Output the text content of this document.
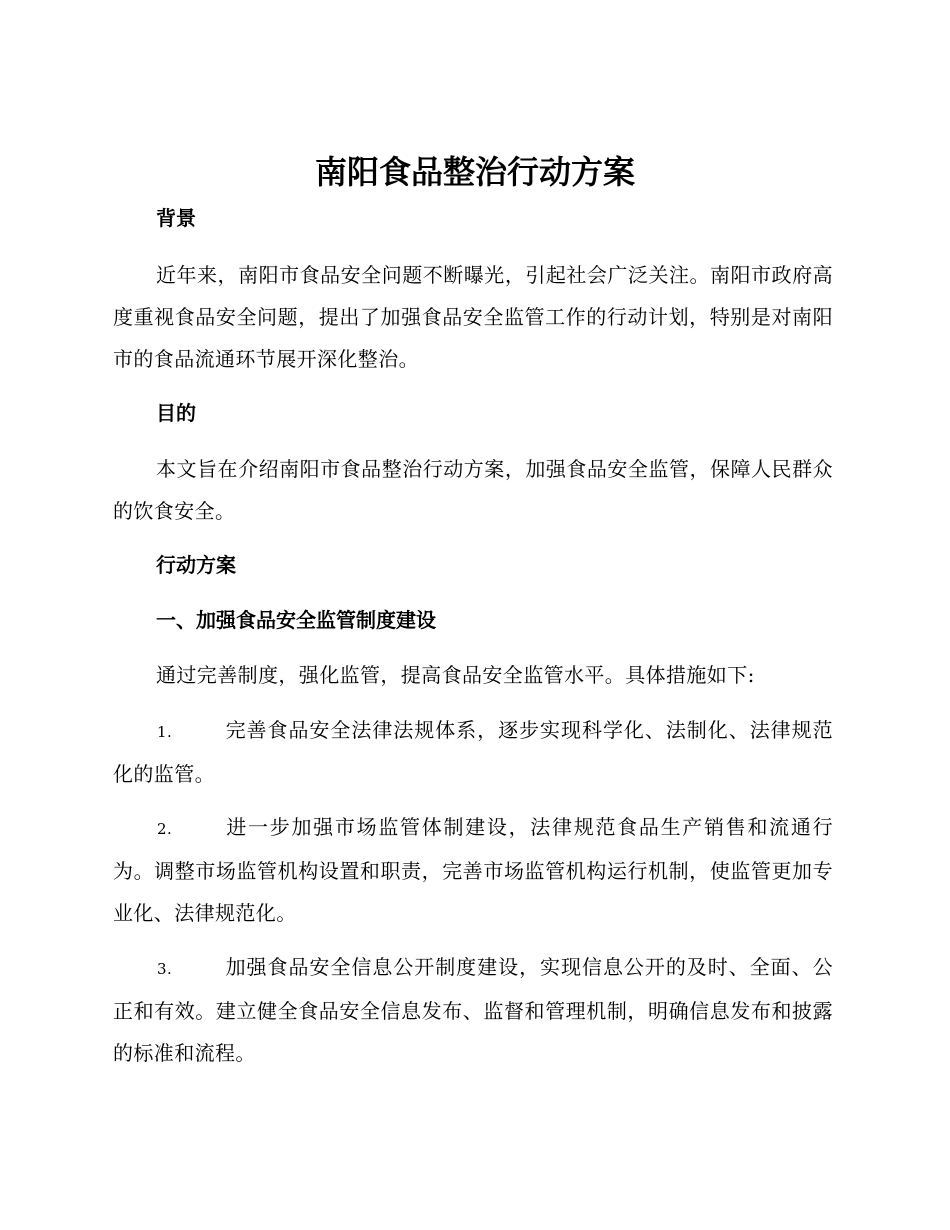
南阳食品整治行动方案

背景

近年来，南阳市食品安全问题不断曝光，引起社会广泛关注。南阳市政府高度重视食品安全问题，提出了加强食品安全监管工作的行动计划，特别是对南阳市的食品流通环节展开深化整治。

目的

本文旨在介绍南阳市食品整治行动方案，加强食品安全监管，保障人民群众的饮食安全。

行动方案

一、加强食品安全监管制度建设

通过完善制度，强化监管，提高食品安全监管水平。具体措施如下:

1.	完善食品安全法律法规体系，逐步实现科学化、法制化、法律规范化的监管。

2.	进一步加强市场监管体制建设，法律规范食品生产销售和流通行为。调整市场监管机构设置和职责，完善市场监管机构运行机制，使监管更加专业化、法律规范化。

3.	加强食品安全信息公开制度建设，实现信息公开的及时、全面、公正和有效。建立健全食品安全信息发布、监督和管理机制，明确信息发布和披露的标准和流程。
